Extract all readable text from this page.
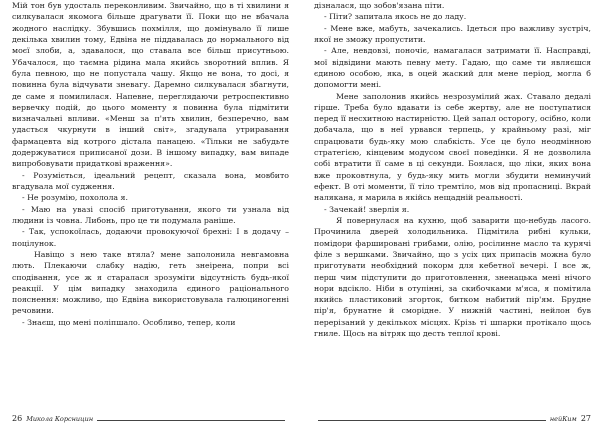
Мій тон був удосталь переконливим. Звичайно, що в ті хвилини я силкувалася якомога більше драгувати її. Поки що не вбачала жодного наслідку. Збувшись похмілля, що домінувало її лише декілька хвилин тому, Едвіна не піддавалась до нормального від моєї злоби, а, здавалося, що ставала все більш присутньою. Убачалося, що таємна рідина мала якийсь зворотний вплив. Я була певною, що не попустала чашу. Якщо не вона, то досі, я повинна була відчувати зневагу. Даремно силкувалася збагнути, де саме я помилилася. Напевне, переглядаючи ретроспективно вервечку подій, до цього моменту я повинна була підмітити визначальні впливи. «Менш за п'ять хвилин, безперечно, вам удасться чкурнути в інший світ», згадувала утриравання фармацевта від котрого дістала панацею. «Тільки не забудьте додержуватися приписаної дози. В іншому випадку, вам випаде випробовувати придаткові враження».

- Розуміється, ідеальний рецепт, сказала вона, мовбито вгадувала мої судження.

- Не розумію, похолола я.

- Маю на увазі спосіб приготування, якого ти узнала від людини із човна. Либонь, про це ти подумала раніше.

- Так, успокоїлась, додаючи провокуючої брехні: І в додачу – поцілунок.

Навіщо з нею таке втяла? мене заполонила невгамовна лють. Плекаючи слабку надію, геть знеірена, попри всі сподівання, усе ж я старалася зрозуміти відсутність будь-якої реакції. У цім випадку знаходила єдиного раціонального пояснення: можливо, що Едвіна використовувала галюциногенні речовини.

- Знаєш, що мені поліпшало. Особливо, тепер, коли

26 Микола Корсницин

дізналася, що зобов'язана піти.

- Піти? запитала якось не до ладу.

- Мене вже, мабуть, зачекались. Ідеться про важливу зустріч, якої не зможу пропустити.

- Але, невдовзі, поночіє, намагалася затримати її. Насправді, мої відвідини мають певну мету. Гадаю, що саме ти являєшся єдиною особою, яка, в оцей жаский для мене період, могла б допомогти мені.

Мене заполонив якийсь незрозумілий жах. Ставало дедалі гірше. Треба було вдавати із себе жертву, але не поступатися перед її несхитною настирністю. Цей запал осторогу, осібно, коли добачала, що в неї урвався терпець, у крайньому разі, міг спрацювати будь-яку мою слабкість. Усе це було неодмінною стратегією, кінцевим модусом своєї поведінки. Я не дозволила собі втратити її саме в ці секунди. Боялася, що ліки, яких вона вже проковтнула, у будь-яку мить могли збудити неминучий ефект. В оті моменти, її тіло тремтіло, мов від пропасниці. Вкрай налякана, я марила в якійсь нещадній реальності.

- Зачекай! зверлія я.

Я повернулася на кухню, щоб заварити що-небудь ласого. Прочинила дверей холодильника. Підмітила рибні кульки, помідори фаршировані грибами, олію, росілинне масло та курячі філе з вершками. Звичайно, що з усіх цих припасів можна було приготувати необхідний покорм для кебетної вечері. І все ж, перш чим підступити до приготовлення, зненацька мені нічого нори вдсікло. Ніби в отупінні, за скибочками м'яса, я помітила якийсь пластиковий згорток, битком набитий пір'ям. Брудне пір'я, брунатне й сморідне. У нижній частині, нейлон був перерізаний у декількох місцях. Крізь ті шпарки протікало щось гниле. Щось на вітряк що десть теплої крові.

нейКим 27
